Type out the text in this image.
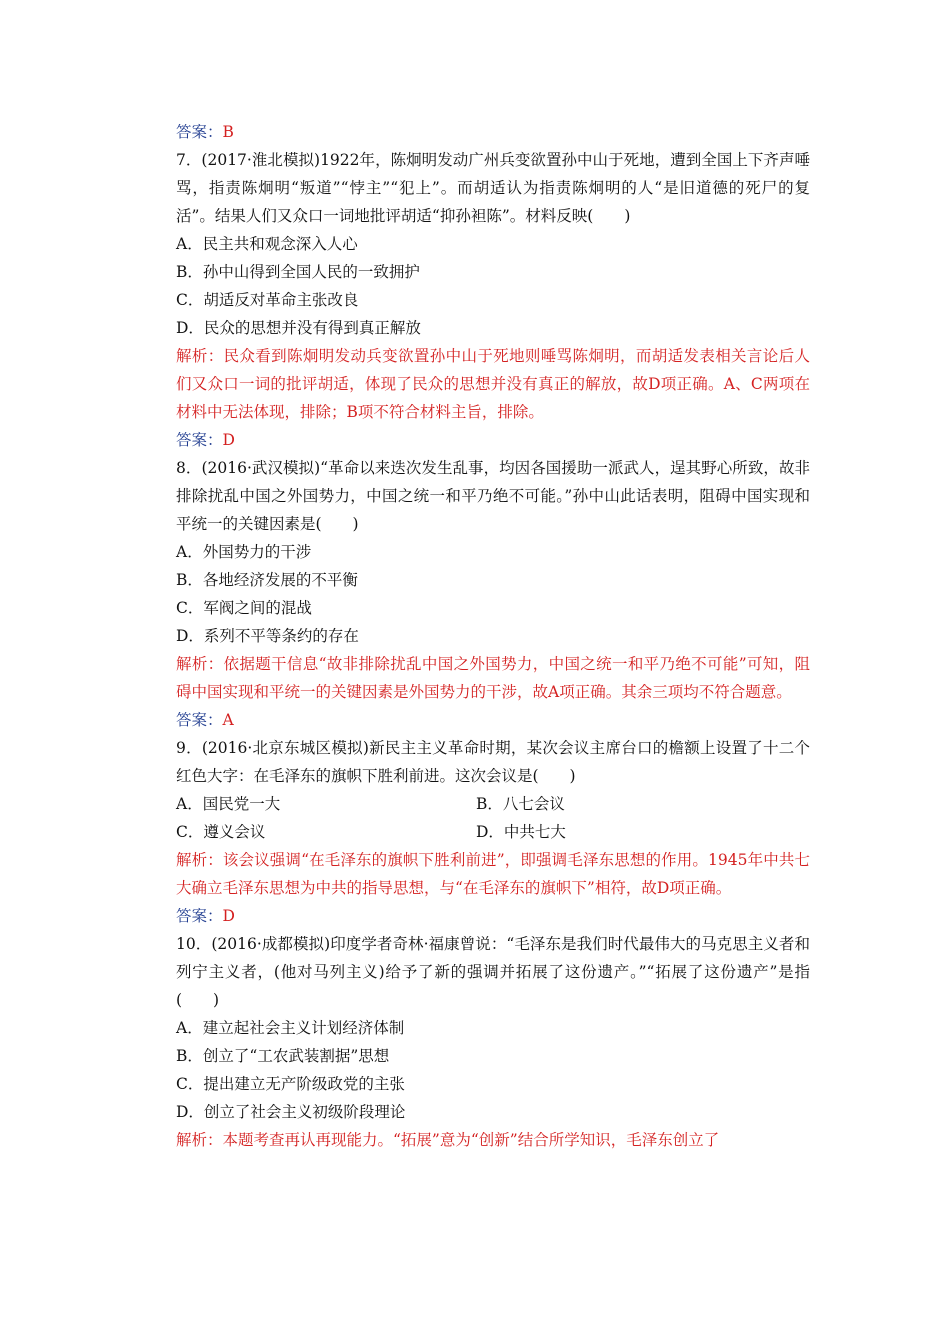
答案：B
7．(2017·淮北模拟)1922年，陈炯明发动广州兵变欲置孙中山于死地，遭到全国上下齐声唾骂，指责陈炯明“叛道”“悖主”“犯上”。而胡适认为指责陈炯明的人“是旧道德的死尸的复活”。结果人们又众口一词地批评胡适“抑孙袒陈”。材料反映(　　)
A．民主共和观念深入人心
B．孙中山得到全国人民的一致拥护
C．胡适反对革命主张改良
D．民众的思想并没有得到真正解放
解析：民众看到陈炯明发动兵变欲置孙中山于死地则唾骂陈炯明，而胡适发表相关言论后人们又众口一词的批评胡适，体现了民众的思想并没有真正的解放，故D项正确。A、C两项在材料中无法体现，排除；B项不符合材料主旨，排除。
答案：D
8．(2016·武汉模拟)“革命以来迭次发生乱事，均因各国援助一派武人，逞其野心所致，故非排除扰乱中国之外国势力，中国之统一和平乃绝不可能。”孙中山此话表明，阻碍中国实现和平统一的关键因素是(　　)
A．外国势力的干涉
B．各地经济发展的不平衡
C．军阀之间的混战
D．系列不平等条约的存在
解析：依据题干信息“故非排除扰乱中国之外国势力，中国之统一和平乃绝不可能”可知，阻碍中国实现和平统一的关键因素是外国势力的干涉，故A项正确。其余三项均不符合题意。
答案：A
9．(2016·北京东城区模拟)新民主主义革命时期，某次会议主席台口的檐额上设置了十二个红色大字：在毛泽东的旗帜下胜利前进。这次会议是(　　)
A．国民党一大	B．八七会议
C．遵义会议	D．中共七大
解析：该会议强调“在毛泽东的旗帜下胜利前进”，即强调毛泽东思想的作用。1945年中共七大确立毛泽东思想为中共的指导思想，与“在毛泽东的旗帜下”相符，故D项正确。
答案：D
10．(2016·成都模拟)印度学者奇林·福康曾说：“毛泽东是我们时代最伟大的马克思主义者和列宁主义者，(他对马列主义)给予了新的强调并拓展了这份遗产。”“拓展了这份遗产”是指(　　)
A．建立起社会主义计划经济体制
B．创立了“工农武装割据”思想
C．提出建立无产阶级政党的主张
D．创立了社会主义初级阶段理论
解析：本题考查再认再现能力。“拓展”意为“创新”结合所学知识，毛泽东创立了
